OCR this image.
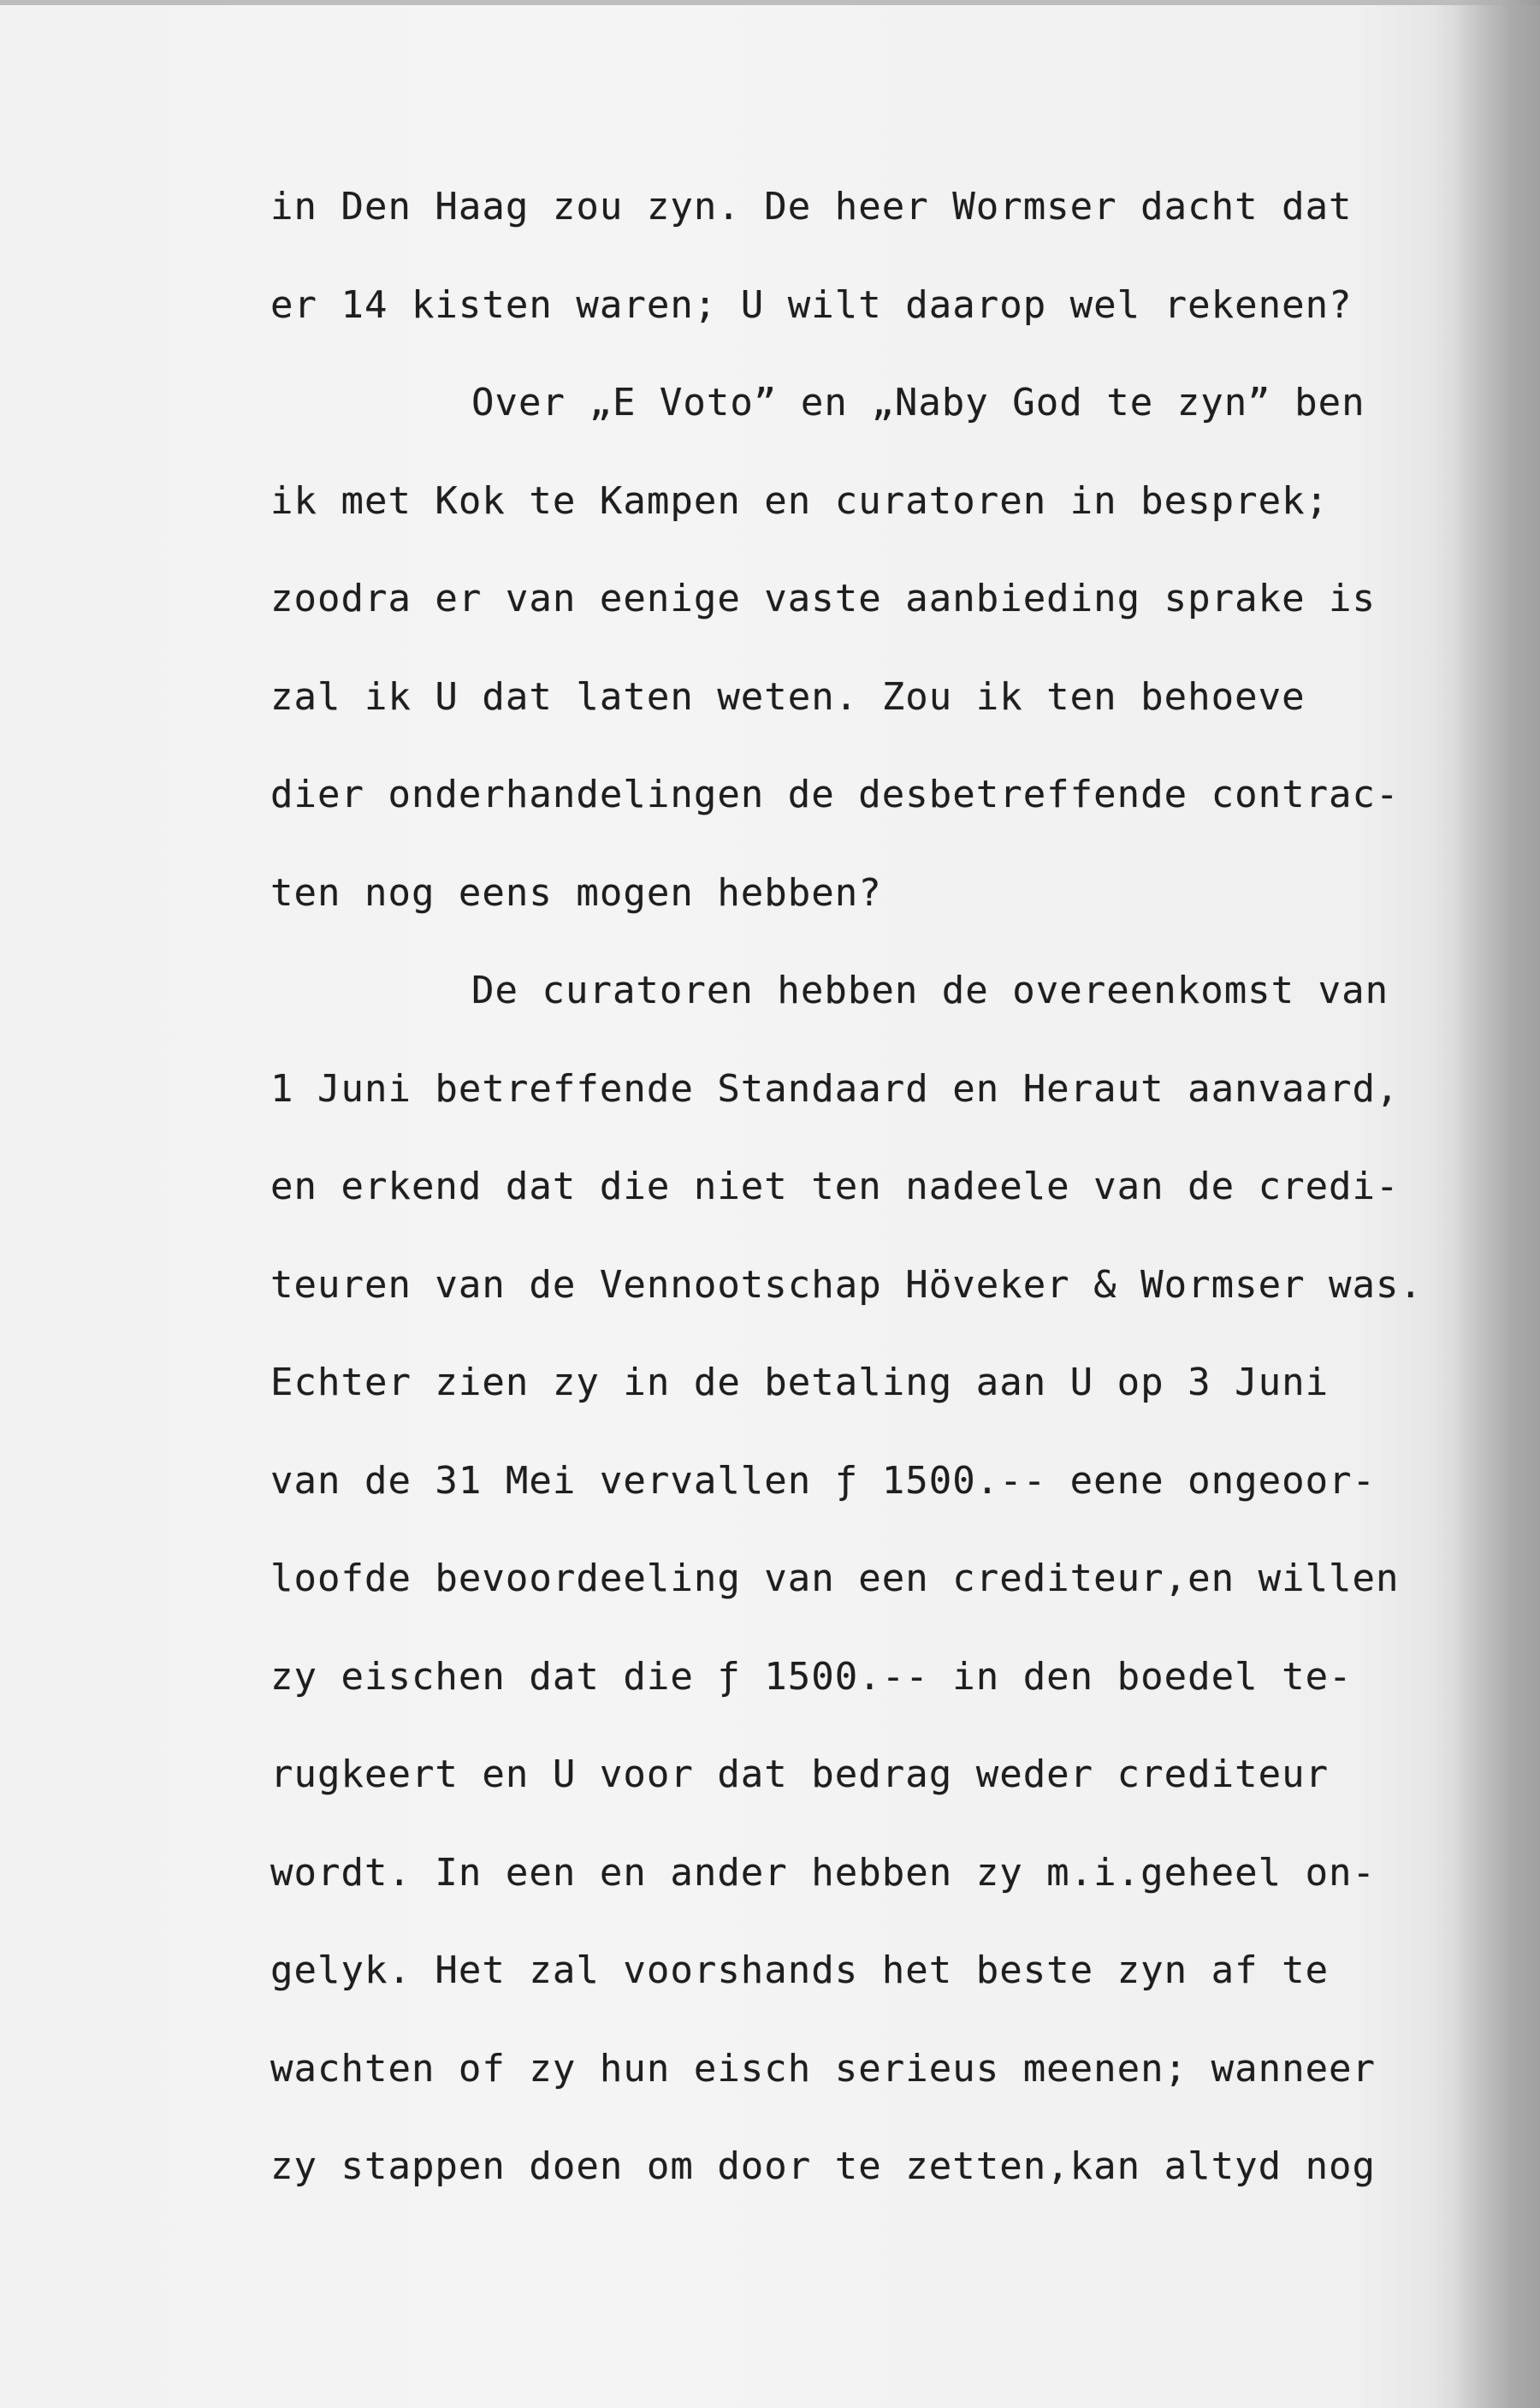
in Den Haag zou zyn. De heer Wormser dacht dat
er 14 kisten waren; U wilt daarop wel rekenen?
Over „E Voto” en „Naby God te zyn” ben
ik met Kok te Kampen en curatoren in besprek;
zoodra er van eenige vaste aanbieding sprake is
zal ik U dat laten weten. Zou ik ten behoeve
dier onderhandelingen de desbetreffende contrac-
ten nog eens mogen hebben?
De curatoren hebben de overeenkomst van
1 Juni betreffende Standaard en Heraut aanvaard,
en erkend dat die niet ten nadeele van de credi-
teuren van de Vennootschap Höveker & Wormser was.
Echter zien zy in de betaling aan U op 3 Juni
van de 31 Mei vervallen ƒ 1500.-- eene ongeoor-
loofde bevoordeeling van een crediteur,en willen
zy eischen dat die ƒ 1500.-- in den boedel te-
rugkeert en U voor dat bedrag weder crediteur
wordt. In een en ander hebben zy m.i.geheel on-
gelyk. Het zal voorshands het beste zyn af te
wachten of zy hun eisch serieus meenen; wanneer
zy stappen doen om door te zetten,kan altyd nog
